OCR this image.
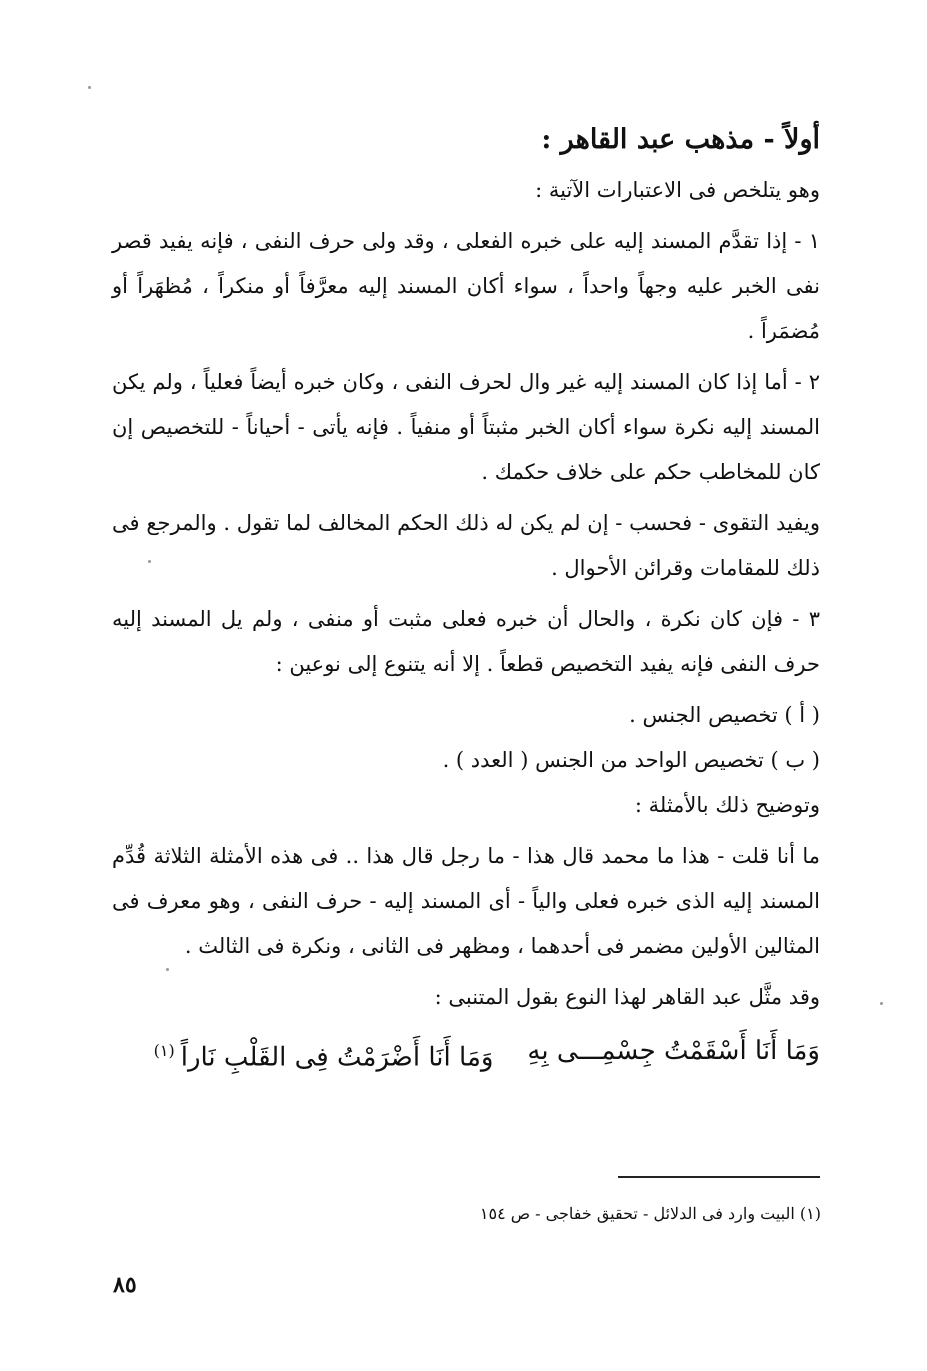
أولاً - مذهب عبد القاهر :
وهو يتلخص فى الاعتبارات الآتية :
١ - إذا تقدَّم المسند إليه على خبره الفعلى ، وقد ولى حرف النفى ، فإنه يفيد قصر نفى الخبر عليه وجهاً واحداً ، سواء أكان المسند إليه معرَّفاً أو منكراً ، مُظهَراً أو مُضمَراً .
٢ - أما إذا كان المسند إليه غير وال لحرف النفى ، وكان خبره أيضاً فعلياً ، ولم يكن المسند إليه نكرة سواء أكان الخبر مثبتاً أو منفياً . فإنه يأتى - أحياناً - للتخصيص إن كان للمخاطب حكم على خلاف حكمك .
ويفيد التقوى - فحسب - إن لم يكن له ذلك الحكم المخالف لما تقول . والمرجع فى ذلك للمقامات وقرائن الأحوال .
٣ - فإن كان نكرة ، والحال أن خبره فعلى مثبت أو منفى ، ولم يل المسند إليه حرف النفى فإنه يفيد التخصيص قطعاً . إلا أنه يتنوع إلى نوعين :
( أ ) تخصيص الجنس .
( ب ) تخصيص الواحد من الجنس ( العدد ) .
وتوضيح ذلك بالأمثلة :
ما أنا قلت - هذا ما محمد قال هذا - ما رجل قال هذا .. فى هذه الأمثلة الثلاثة قُدِّم المسند إليه الذى خبره فعلى والياً - أى المسند إليه - حرف النفى ، وهو معرف فى المثالين الأولين مضمر فى أحدهما ، ومظهر فى الثانى ، ونكرة فى الثالث .
وقد مثَّل عبد القاهر لهذا النوع بقول المتنبى :
وَمَا أَنَا أَسْقَمْتُ جِسْمِـــى بِهِ
وَمَا أَنَا أَضْرَمْتُ فِى القَلْبِ نَاراً$^{(١)}$
(١) البيت وارد فى الدلائل - تحقيق خفاجى - ص ١٥٤
٨٥
